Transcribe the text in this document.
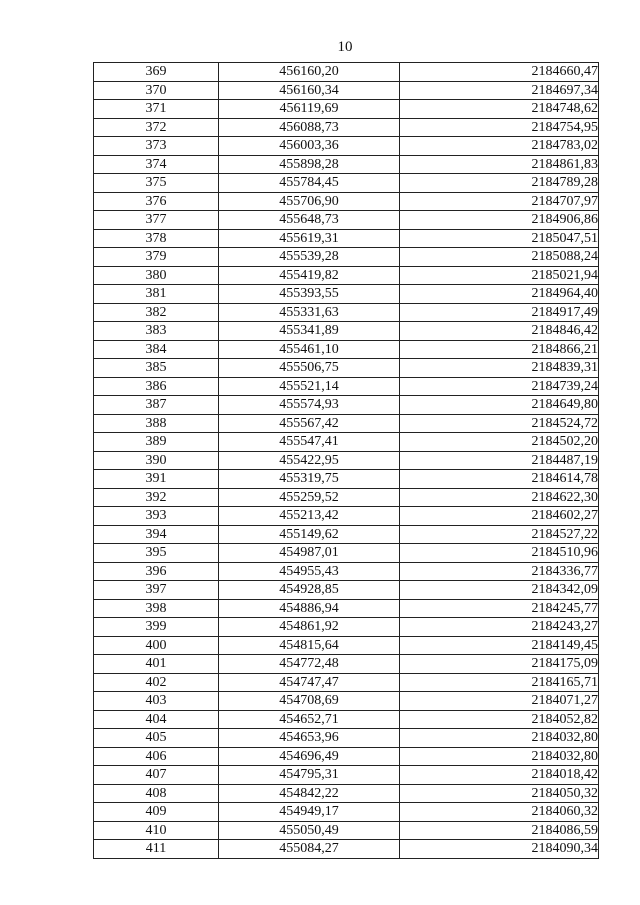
10
369	456160,20	2184660,47
370	456160,34	2184697,34
371	456119,69	2184748,62
372	456088,73	2184754,95
373	456003,36	2184783,02
374	455898,28	2184861,83
375	455784,45	2184789,28
376	455706,90	2184707,97
377	455648,73	2184906,86
378	455619,31	2185047,51
379	455539,28	2185088,24
380	455419,82	2185021,94
381	455393,55	2184964,40
382	455331,63	2184917,49
383	455341,89	2184846,42
384	455461,10	2184866,21
385	455506,75	2184839,31
386	455521,14	2184739,24
387	455574,93	2184649,80
388	455567,42	2184524,72
389	455547,41	2184502,20
390	455422,95	2184487,19
391	455319,75	2184614,78
392	455259,52	2184622,30
393	455213,42	2184602,27
394	455149,62	2184527,22
395	454987,01	2184510,96
396	454955,43	2184336,77
397	454928,85	2184342,09
398	454886,94	2184245,77
399	454861,92	2184243,27
400	454815,64	2184149,45
401	454772,48	2184175,09
402	454747,47	2184165,71
403	454708,69	2184071,27
404	454652,71	2184052,82
405	454653,96	2184032,80
406	454696,49	2184032,80
407	454795,31	2184018,42
408	454842,22	2184050,32
409	454949,17	2184060,32
410	455050,49	2184086,59
411	455084,27	2184090,34
